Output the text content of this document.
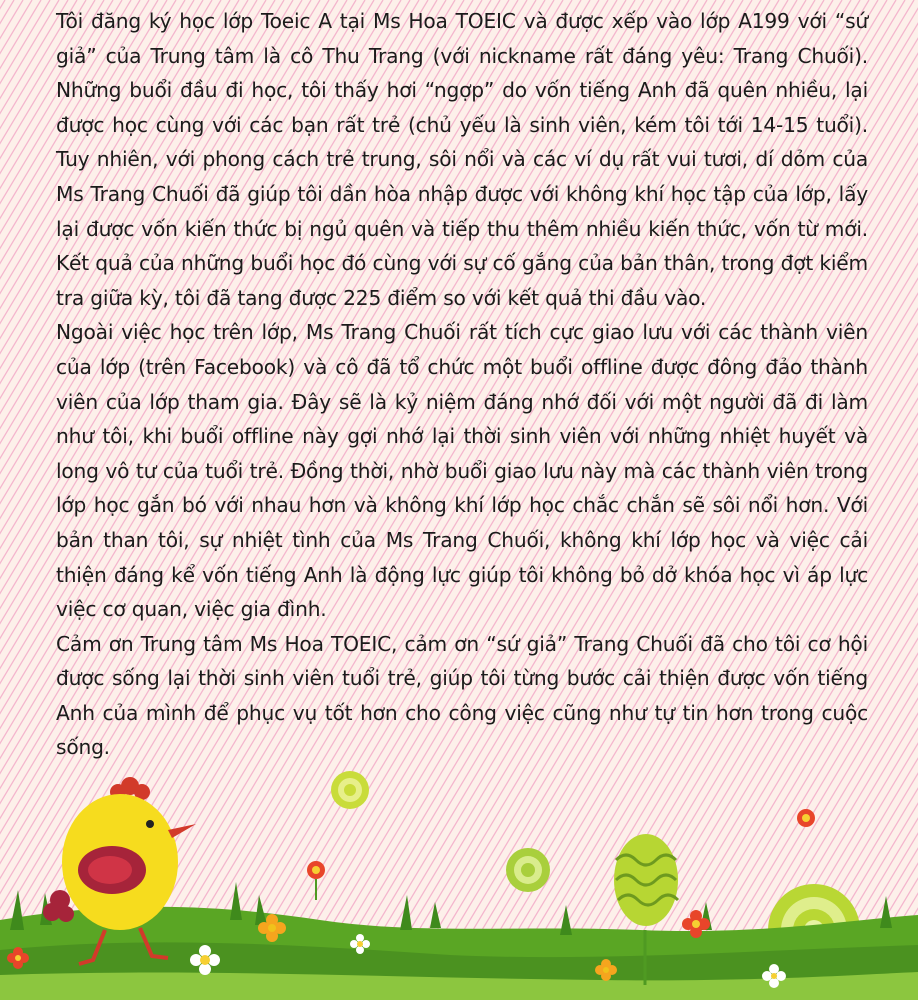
Tôi đăng ký học lớp Toeic A tại Ms Hoa TOEIC và được xếp vào lớp A199 với “sứ giả” của Trung tâm là cô Thu Trang (với nickname rất đáng yêu: Trang Chuối). Những buổi đầu đi học, tôi thấy hơi “ngợp” do vốn tiếng Anh đã quên nhiều, lại được học cùng với các bạn rất trẻ (chủ yếu là sinh viên, kém tôi tới 14-15 tuổi). Tuy nhiên, với phong cách trẻ trung, sôi nổi và các ví dụ rất vui tươi, dí dỏm của Ms Trang Chuối đã giúp tôi dần hòa nhập được với không khí học tập của lớp, lấy lại được vốn kiến thức bị ngủ quên và tiếp thu thêm nhiều kiến thức, vốn từ mới. Kết quả của những buổi học đó cùng với sự cố gắng của bản thân, trong đợt kiểm tra giữa kỳ, tôi đã tang được 225 điểm so với kết quả thi đầu vào.

Ngoài việc học trên lớp, Ms Trang Chuối rất tích cực giao lưu với các thành viên của lớp (trên Facebook) và cô đã tổ chức một buổi offline được đông đảo thành viên của lớp tham gia. Đây sẽ là kỷ niệm đáng nhớ đối với một người đã đi làm như tôi, khi buổi offline này gợi nhớ lại thời sinh viên với những nhiệt huyết và long vô tư của tuổi trẻ. Đồng thời, nhờ buổi giao lưu này mà các thành viên trong lớp học gắn bó với nhau hơn và không khí lớp học chắc chắn sẽ sôi nổi hơn. Với bản than tôi, sự nhiệt tình của Ms Trang Chuối, không khí lớp học và việc cải thiện đáng kể vốn tiếng Anh là động lực giúp tôi không bỏ dở khóa học vì áp lực việc cơ quan, việc gia đình.

Cảm ơn Trung tâm Ms Hoa TOEIC, cảm ơn “sứ giả” Trang Chuối đã cho tôi cơ hội được sống lại thời sinh viên tuổi trẻ, giúp tôi từng bước cải thiện được vốn tiếng Anh của mình để phục vụ tốt hơn cho công việc cũng như tự tin hơn trong cuộc sống.
